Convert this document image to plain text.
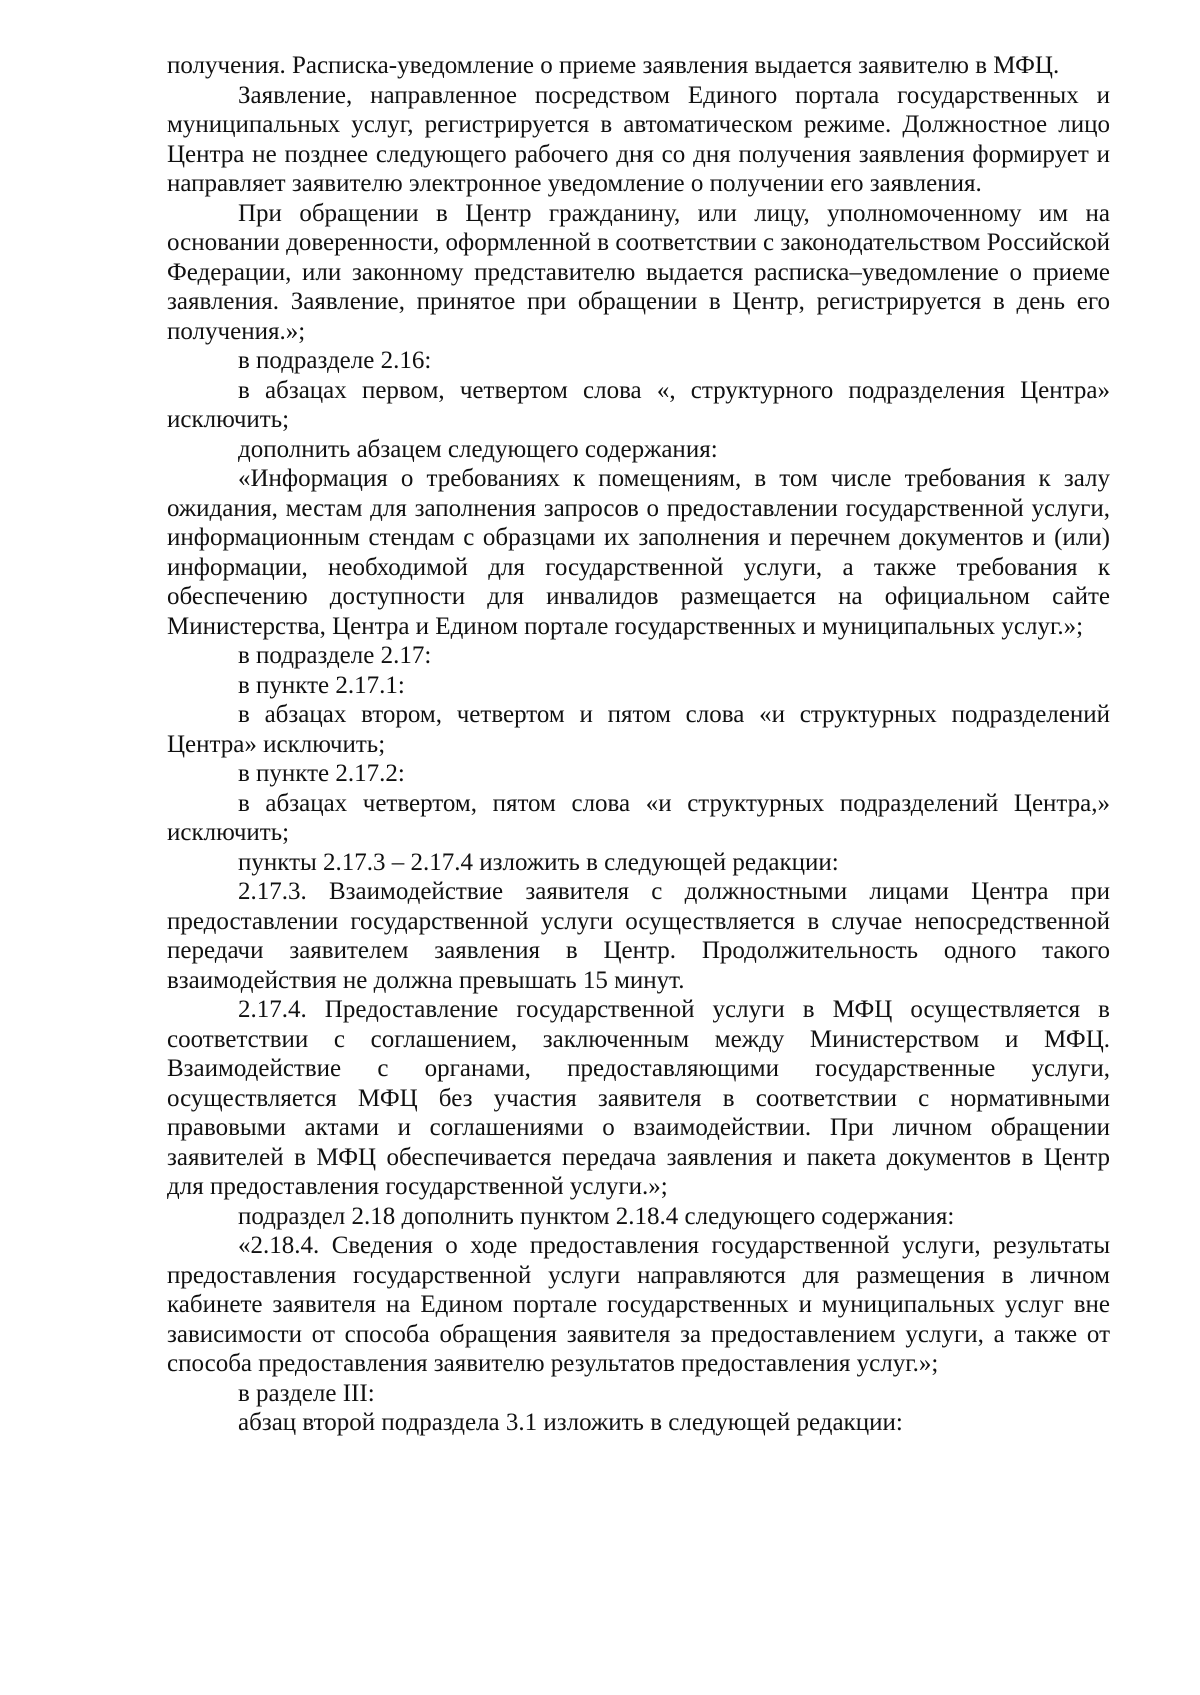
получения. Расписка-уведомление о приеме заявления выдается заявителю в МФЦ.

Заявление, направленное посредством Единого портала государственных и муниципальных услуг, регистрируется в автоматическом режиме. Должностное лицо Центра не позднее следующего рабочего дня со дня получения заявления формирует и направляет заявителю электронное уведомление о получении его заявления.

При обращении в Центр гражданину, или лицу, уполномоченному им на основании доверенности, оформленной в соответствии с законодательством Российской Федерации, или законному представителю выдается расписка–уведомление о приеме заявления. Заявление, принятое при обращении в Центр, регистрируется в день его получения.»;

в подразделе 2.16:

в абзацах первом, четвертом слова «, структурного подразделения Центра» исключить;

дополнить абзацем следующего содержания:

«Информация о требованиях к помещениям, в том числе требования к залу ожидания, местам для заполнения запросов о предоставлении государственной услуги, информационным стендам с образцами их заполнения и перечнем документов и (или) информации, необходимой для государственной услуги, а также требования к обеспечению доступности для инвалидов размещается на официальном сайте Министерства, Центра и Едином портале государственных и муниципальных услуг.»;

в подразделе 2.17:

в пункте 2.17.1:

в абзацах втором, четвертом и пятом слова «и структурных подразделений Центра» исключить;

в пункте 2.17.2:

в абзацах четвертом, пятом слова «и структурных подразделений Центра,» исключить;

пункты 2.17.3 – 2.17.4 изложить в следующей редакции:

2.17.3. Взаимодействие заявителя с должностными лицами Центра при предоставлении государственной услуги осуществляется в случае непосредственной передачи заявителем заявления в Центр. Продолжительность одного такого взаимодействия не должна превышать 15 минут.

2.17.4. Предоставление государственной услуги в МФЦ осуществляется в соответствии с соглашением, заключенным между Министерством и МФЦ. Взаимодействие с органами, предоставляющими государственные услуги, осуществляется МФЦ без участия заявителя в соответствии с нормативными правовыми актами и соглашениями о взаимодействии. При личном обращении заявителей в МФЦ обеспечивается передача заявления и пакета документов в Центр для предоставления государственной услуги.»;

подраздел 2.18 дополнить пунктом 2.18.4 следующего содержания:

«2.18.4. Сведения о ходе предоставления государственной услуги, результаты предоставления государственной услуги направляются для размещения в личном кабинете заявителя на Едином портале государственных и муниципальных услуг вне зависимости от способа обращения заявителя за предоставлением услуги, а также от способа предоставления заявителю результатов предоставления услуг.»;

в разделе III:

абзац второй подраздела 3.1 изложить в следующей редакции:
